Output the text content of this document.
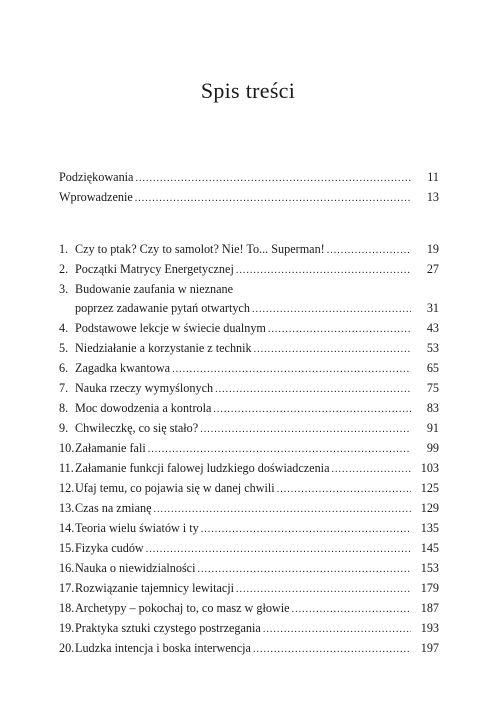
Spis treści
Podziękowania .....	11
Wprowadzenie .....	13
1. Czy to ptak? Czy to samolot? Nie! To... Superman! .....	19
2. Początki Matrycy Energetycznej .....	27
3. Budowanie zaufania w nieznane
poprzez zadawanie pytań otwartych .....	31
4. Podstawowe lekcje w świecie dualnym .....	43
5. Niedziałanie a korzystanie z technik .....	53
6. Zagadka kwantowa .....	65
7. Nauka rzeczy wymyślonych .....	75
8. Moc dowodzenia a kontrola .....	83
9. Chwileczkę, co się stało? .....	91
10. Załamanie fali .....	99
11. Załamanie funkcji falowej ludzkiego doświadczenia .....	103
12. Ufaj temu, co pojawia się w danej chwili .....	125
13. Czas na zmianę .....	129
14. Teoria wielu światów i ty .....	135
15. Fizyka cudów .....	145
16. Nauka o niewidzialności .....	153
17. Rozwiązanie tajemnicy lewitacji .....	179
18. Archetypy – pokochaj to, co masz w głowie .....	187
19. Praktyka sztuki czystego postrzegania .....	193
20. Ludzka intencja i boska interwencja .....	197
